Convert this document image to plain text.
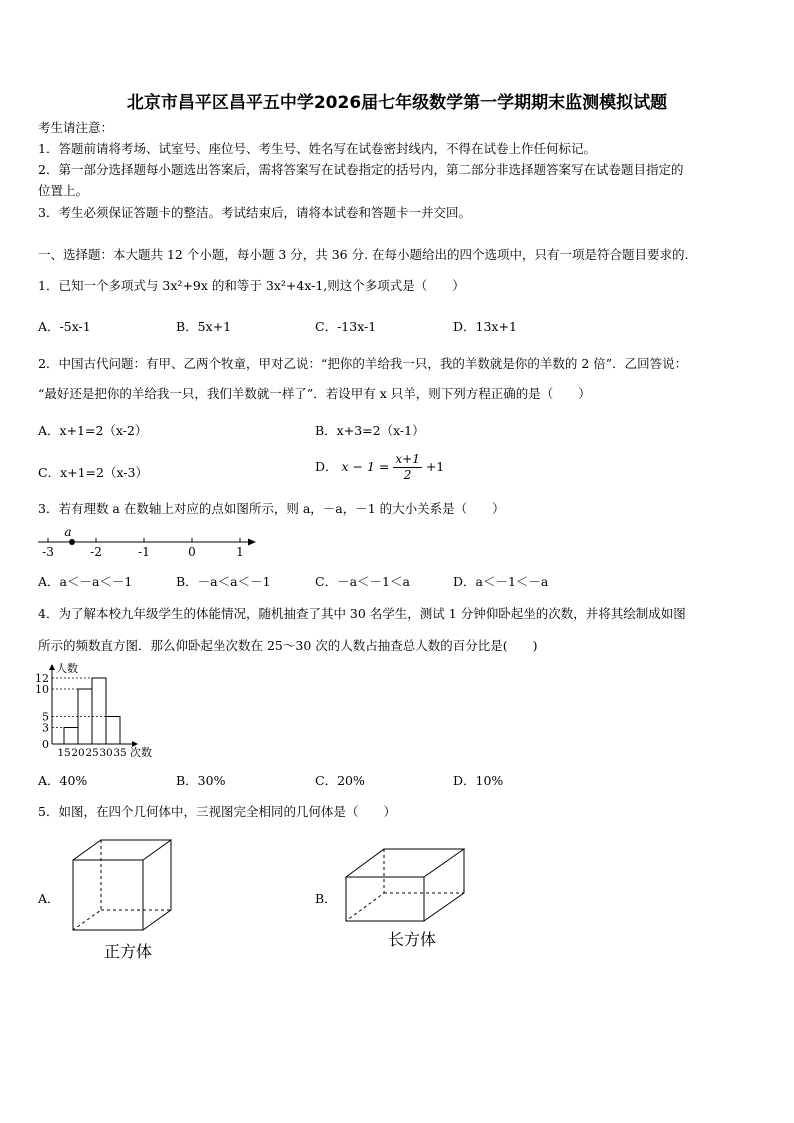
北京市昌平区昌平五中学2026届七年级数学第一学期期末监测模拟试题
考生请注意：
1．答题前请将考场、试室号、座位号、考生号、姓名写在试卷密封线内，不得在试卷上作任何标记。
2．第一部分选择题每小题选出答案后，需将答案写在试卷指定的括号内，第二部分非选择题答案写在试卷题目指定的
位置上。
3．考生必须保证答题卡的整洁。考试结束后，请将本试卷和答题卡一并交回。
一、选择题：本大题共 12 个小题，每小题 3 分，共 36 分. 在每小题给出的四个选项中，只有一项是符合题目要求的.
1．已知一个多项式与 3x²+9x 的和等于 3x²+4x-1,则这个多项式是（　　）
A．-5x-1	B．5x+1	C．-13x-1	D．13x+1
2．中国古代问题：有甲、乙两个牧童，甲对乙说：“把你的羊给我一只，我的羊数就是你的羊数的 2 倍”．乙回答说：
“最好还是把你的羊给我一只，我们羊数就一样了”．若设甲有 x 只羊，则下列方程正确的是（　　）
A．x+1=2（x-2）	B．x+3=2（x-1）
C．x+1=2（x-3）	D． $x - 1 = \frac{x+1}{2} +1$
3．若有理数 a 在数轴上对应的点如图所示，则 a，－a，－1 的大小关系是（　　）
-3	-2	-1	0	1
a
A．a＜－a＜－1	B．－a＜a＜－1	C．－a＜－1＜a	D．a＜－1＜－a
4．为了解本校九年级学生的体能情况，随机抽查了其中 30 名学生，测试 1 分钟仰卧起坐的次数，并将其绘制成如图
所示的频数直方图．那么仰卧起坐次数在 25～30 次的人数占抽查总人数的百分比是(　　)
人数
次数
0
3
5
10
12
15 20 25 30 35
A．40%	B．30%	C．20%	D．10%
5．如图，在四个几何体中，三视图完全相同的几何体是（　　）
A．
正方体
B．
长方体
